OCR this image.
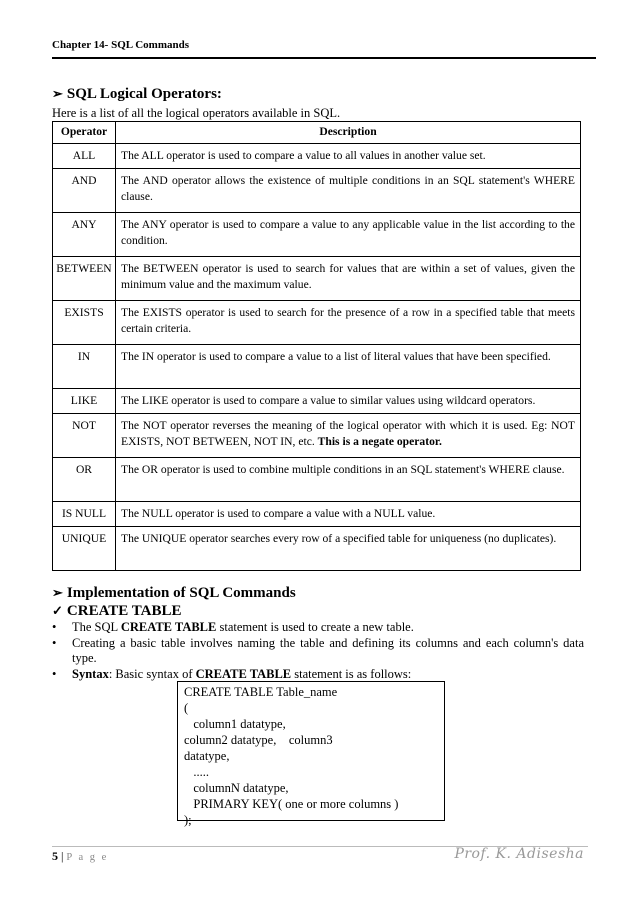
Chapter 14- SQL Commands
➢ SQL Logical Operators:
Here is a list of all the logical operators available in SQL.
Operator	Description
ALL	The ALL operator is used to compare a value to all values in another value set.
AND	The AND operator allows the existence of multiple conditions in an SQL statement's WHERE clause.
ANY	The ANY operator is used to compare a value to any applicable value in the list according to the condition.
BETWEEN	The BETWEEN operator is used to search for values that are within a set of values, given the minimum value and the maximum value.
EXISTS	The EXISTS operator is used to search for the presence of a row in a specified table that meets certain criteria.
IN	The IN operator is used to compare a value to a list of literal values that have been specified.
LIKE	The LIKE operator is used to compare a value to similar values using wildcard operators.
NOT	The NOT operator reverses the meaning of the logical operator with which it is used. Eg: NOT EXISTS, NOT BETWEEN, NOT IN, etc. This is a negate operator.
OR	The OR operator is used to combine multiple conditions in an SQL statement's WHERE clause.
IS NULL	The NULL operator is used to compare a value with a NULL value.
UNIQUE	The UNIQUE operator searches every row of a specified table for uniqueness (no duplicates).
➢ Implementation of SQL Commands
✓ CREATE TABLE
•	The SQL CREATE TABLE statement is used to create a new table.
•	Creating a basic table involves naming the table and defining its columns and each column's data type.
•	Syntax: Basic syntax of CREATE TABLE statement is as follows:
CREATE TABLE Table_name
(
column1 datatype,
column2 datatype,    column3
datatype,
.....
columnN datatype,
PRIMARY KEY( one or more columns )
);
5 | P a g e	Prof. K. Adisesha
